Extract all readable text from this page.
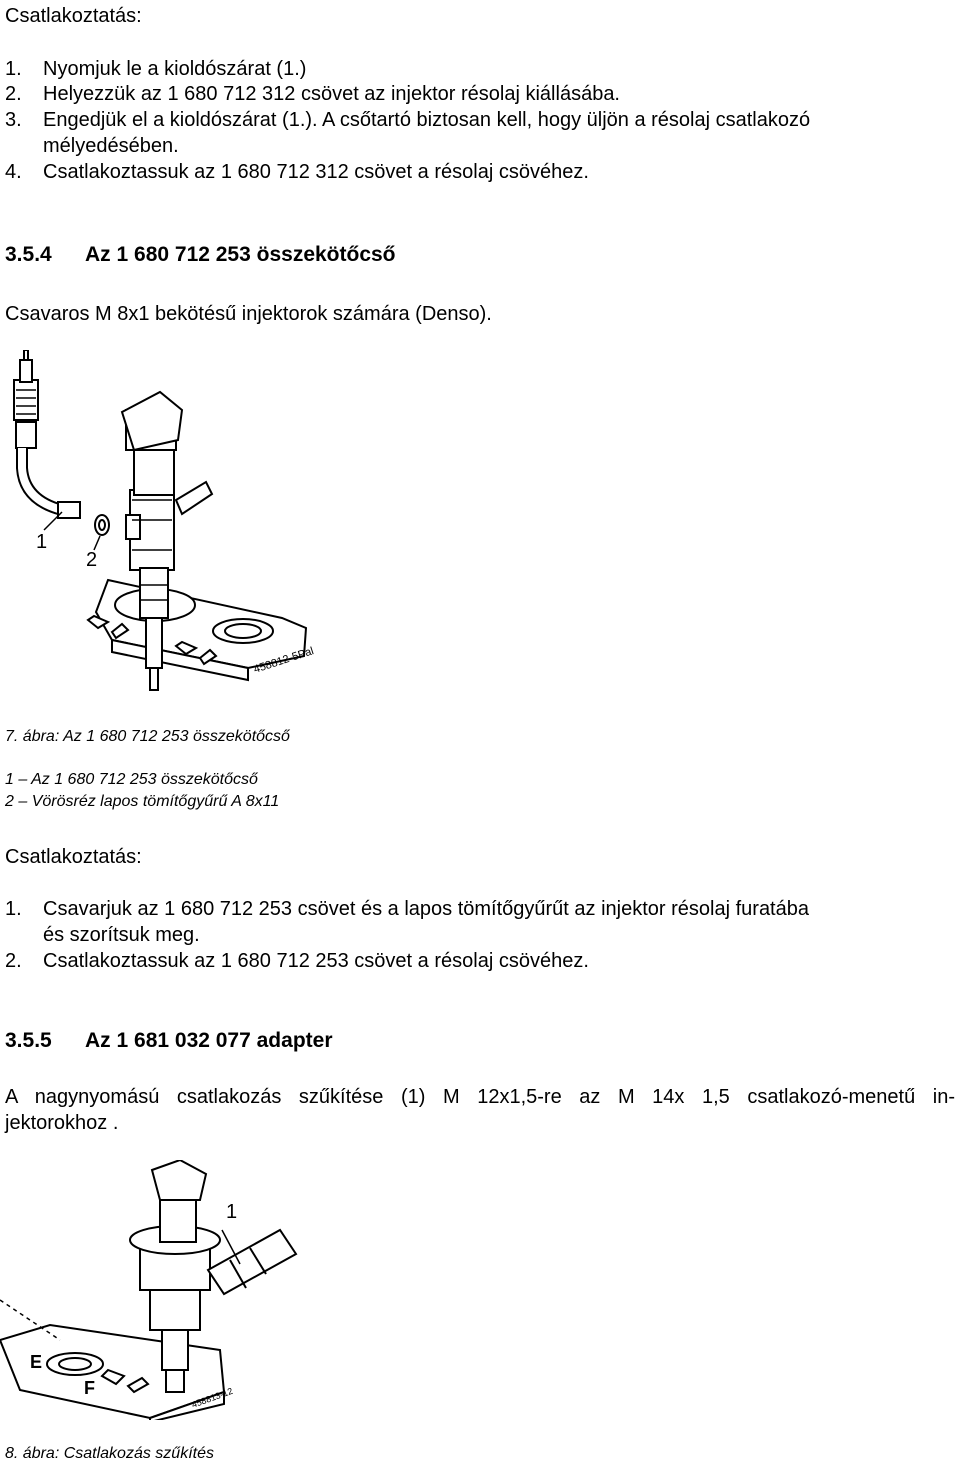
Csatlakoztatás:
1. Nyomjuk le a kioldószárat (1.)
2. Helyezzük az 1 680 712 312 csövet az injektor résolaj kiállásába.
3. Engedjük el a kioldószárat (1.). A csőtartó biztosan kell, hogy üljön a résolaj csatlakozó
mélyedésében.
4. Csatlakoztassuk az 1 680 712 312 csövet a résolaj csövéhez.
3.5.4 Az 1 680 712 253 összekötőcső
Csavaros M 8x1 bekötésű injektorok számára (Denso).
1
2
458812-5Pal
7. ábra: Az 1 680 712 253 összekötőcső
1 – Az 1 680 712 253 összekötőcső
2 – Vörösréz lapos tömítőgyűrű A 8x11
Csatlakoztatás:
1. Csavarjuk az 1 680 712 253 csövet és a lapos tömítőgyűrűt az injektor résolaj furatába
és szorítsuk meg.
2. Csatlakoztassuk az 1 680 712 253 csövet a résolaj csövéhez.
3.5.5 Az 1 681 032 077 adapter
A nagynyomású csatlakozás szűkítése (1) M 12x1,5-re az M 14x 1,5 csatlakozó-menetű in-
jektorokhoz .
1
E
F	458813-12
8. ábra: Csatlakozás szűkítés
